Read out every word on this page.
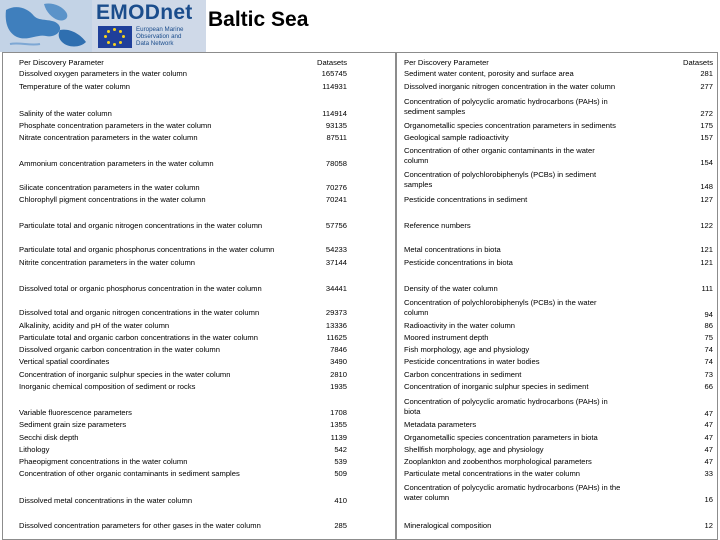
EMODnet
European Marine
Observation and
Data Network
Baltic Sea
Per Discovery Parameter	Datasets
Dissolved oxygen parameters in the water column	165745
Temperature of the water column	114931
Salinity of the water column	114914
Phosphate concentration parameters in the water column	93135
Nitrate concentration parameters in the water column	87511
Ammonium concentration parameters in the water column	78058
Silicate concentration parameters in the water column	70276
Chlorophyll pigment concentrations in the water column	70241
Particulate total and organic nitrogen concentrations in the water column	57756
Particulate total and organic phosphorus concentrations in the water column	54233
Nitrite concentration parameters in the water column	37144
Dissolved total or organic phosphorus concentration in the water column	34441
Dissolved total and organic nitrogen concentrations in the water column	29373
Alkalinity, acidity and pH of the water column	13336
Particulate total and organic carbon concentrations in the water column	11625
Dissolved organic carbon concentration in the water column	7846
Vertical spatial coordinates	3490
Concentration of inorganic sulphur species in the water column	2810
Inorganic chemical composition of sediment or rocks	1935
Variable fluorescence parameters	1708
Sediment grain size parameters	1355
Secchi disk depth	1139
Lithology	542
Phaeopigment concentrations in the water column	539
Concentration of other organic contaminants in sediment samples	509
Dissolved metal concentrations in the water column	410
Dissolved concentration parameters for other gases in the water column	285
Per Discovery Parameter	Datasets
Sediment water content, porosity and surface area	281
Dissolved inorganic nitrogen concentration in the water column	277
Concentration of polycyclic aromatic hydrocarbons (PAHs) in
sediment samples	272
Organometallic species concentration parameters in sediments	175
Geological sample radioactivity	157
Concentration of other organic contaminants in the water
column	154
Concentration of polychlorobiphenyls (PCBs) in sediment
samples	148
Pesticide concentrations in sediment	127
Reference numbers	122
Metal concentrations in biota	121
Pesticide concentrations in biota	121
Density of the water column	111
Concentration of polychlorobiphenyls (PCBs) in the water
column	94
Radioactivity in the water column	86
Moored instrument depth	75
Fish morphology, age and physiology	74
Pesticide concentrations in water bodies	74
Carbon concentrations in sediment	73
Concentration of inorganic sulphur species in sediment	66
Concentration of polycyclic aromatic hydrocarbons (PAHs) in
biota	47
Metadata parameters	47
Organometallic species concentration parameters in biota	47
Shellfish morphology, age and physiology	47
Zooplankton and zoobenthos morphological parameters	47
Particulate metal concentrations in the water column	33
Concentration of polycyclic aromatic hydrocarbons (PAHs) in the
water column	16
Mineralogical composition	12
